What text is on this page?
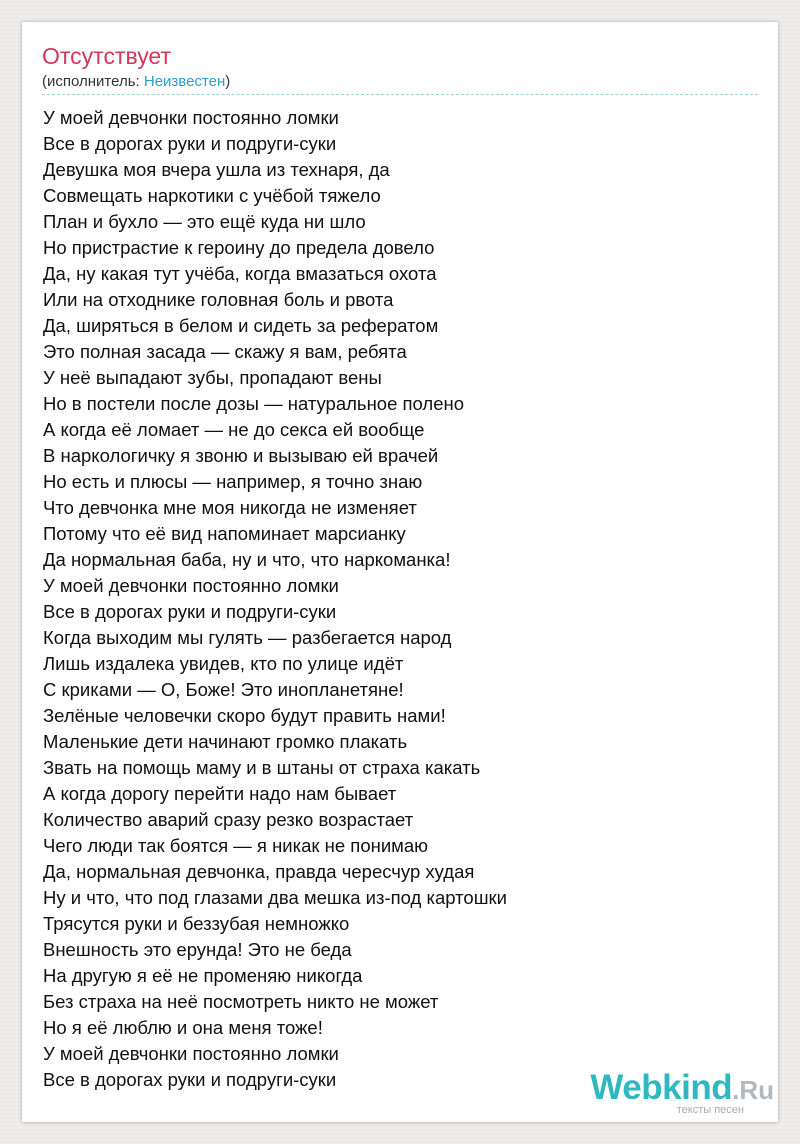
Отсутствует
(исполнитель: Неизвестен)
У моей девчонки постоянно ломки
Все в дорогах руки и подруги-суки
Девушка моя вчера ушла из технаря, да
Совмещать наркотики с учёбой тяжело
План и бухло — это ещё куда ни шло
Но пристрастие к героину до предела довело
Да, ну какая тут учёба, когда вмазаться охота
Или на отходнике головная боль и рвота
Да, ширяться в белом и сидеть за рефератом
Это полная засада — скажу я вам, ребята
У неё выпадают зубы, пропадают вены
Но в постели после дозы — натуральное полено
А когда её ломает — не до секса ей вообще
В наркологичку я звоню и вызываю ей врачей
Но есть и плюсы — например, я точно знаю
Что девчонка мне моя никогда не изменяет
Потому что её вид напоминает марсианку
Да нормальная баба, ну и что, что наркоманка!
У моей девчонки постоянно ломки
Все в дорогах руки и подруги-суки
Когда выходим мы гулять — разбегается народ
Лишь издалека увидев, кто по улице идёт
С криками — О, Боже! Это инопланетяне!
Зелёные человечки скоро будут править нами!
Маленькие дети начинают громко плакать
Звать на помощь маму и в штаны от страха какать
А когда дорогу перейти надо нам бывает
Количество аварий сразу резко возрастает
Чего люди так боятся — я никак не понимаю
Да, нормальная девчонка, правда чересчур худая
Ну и что, что под глазами два мешка из-под картошки
Трясутся руки и беззубая немножко
Внешность это ерунда! Это не беда
На другую я её не променяю никогда
Без страха на неё посмотреть никто не может
Но я её люблю и она меня тоже!
У моей девчонки постоянно ломки
Все в дорогах руки и подруги-суки	Webkind.Ru
тексты песен
